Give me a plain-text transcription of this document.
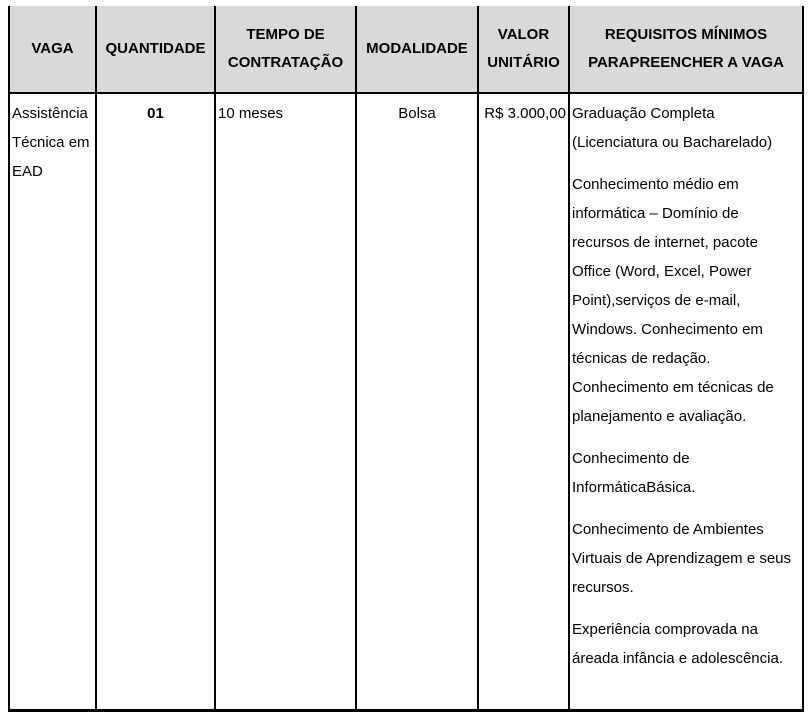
VAGA	QUANTIDADE	TEMPO DE CONTRATAÇÃO	MODALIDADE	VALOR UNITÁRIO	REQUISITOS MÍNIMOS PARAPREENCHER A VAGA
Assistência Técnica em EAD	01	10 meses	Bolsa	R$ 3.000,00	Graduação Completa (Licenciatura ou Bacharelado)

Conhecimento médio em informática – Domínio de recursos de internet, pacote Office (Word, Excel, Power Point),serviços de e-mail, Windows. Conhecimento em técnicas de redação. Conhecimento em técnicas de planejamento e avaliação.

Conhecimento de InformáticaBásica.

Conhecimento de Ambientes Virtuais de Aprendizagem e seus recursos.

Experiência comprovada na áreada infância e adolescência.
